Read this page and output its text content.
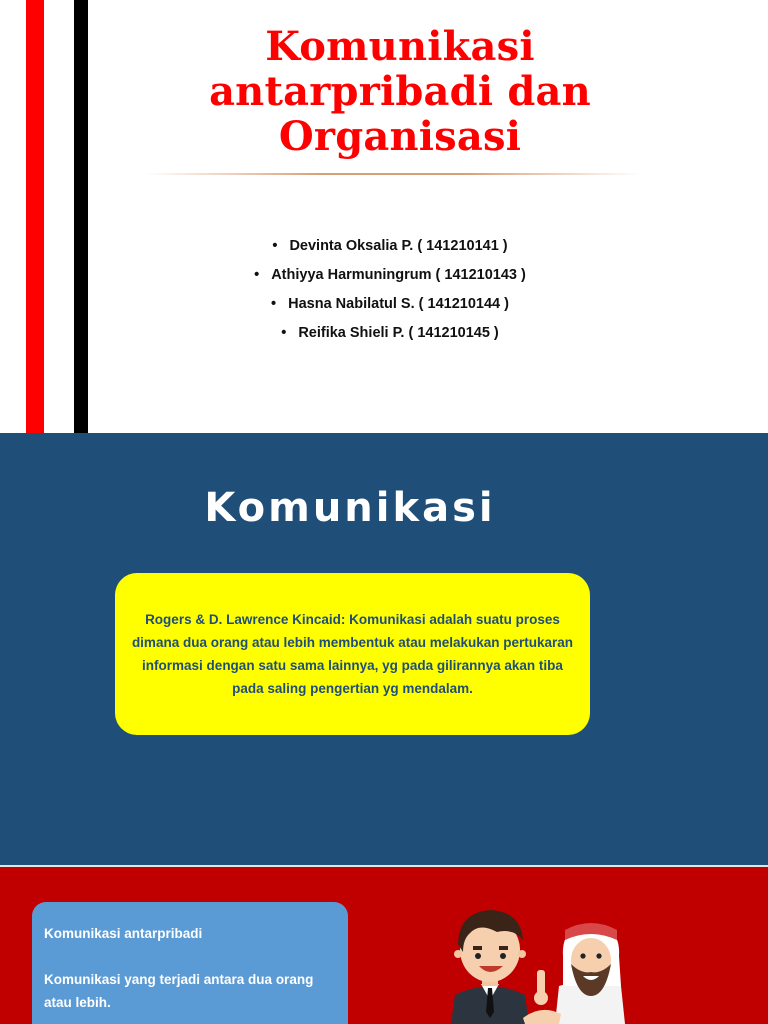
Komunikasi
antarpribadi dan
Organisasi
• Devinta Oksalia P. ( 141210141 )
• Athiyya Harmuningrum ( 141210143 )
• Hasna Nabilatul S. ( 141210144 )
• Reifika Shieli P. ( 141210145 )
Komunikasi

Rogers & D. Lawrence Kincaid: Komunikasi adalah suatu proses dimana dua orang atau lebih membentuk atau melakukan pertukaran informasi dengan satu sama lainnya, yg pada gilirannya akan tiba pada saling pengertian yg mendalam.

Komunikasi antarpribadi

Komunikasi yang terjadi antara dua orang atau lebih.
